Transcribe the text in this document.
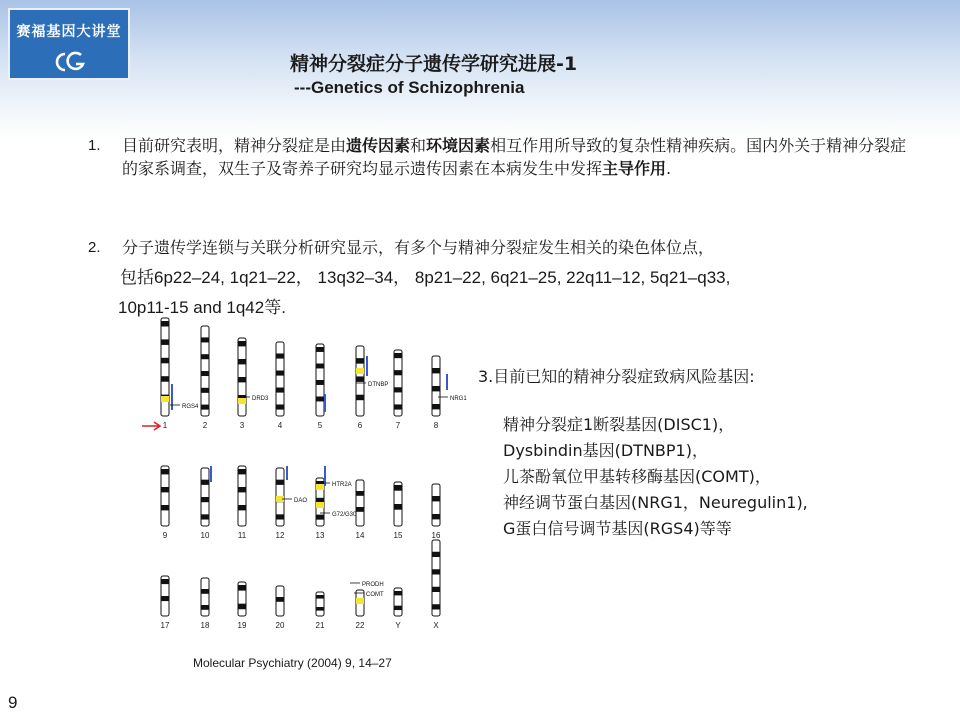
赛福基因大讲堂
精神分裂症分子遗传学研究进展-1
---Genetics of Schizophrenia
1. 目前研究表明，精神分裂症是由遗传因素和环境因素相互作用所导致的复杂性精神疾病。国内外关于精神分裂症的家系调查，双生子及寄养子研究均显示遗传因素在本病发生中发挥主导作用.
2. 分子遗传学连锁与关联分析研究显示，有多个与精神分裂症发生相关的染色体位点，
包括6p22–24, 1q21–22， 13q32–34， 8p21–22, 6q21–25, 22q11–12, 5q21–q33,
10p11-15 and 1q42等.
1	2	3	4	5	6	7	8
9	10	11	12	13	14	15	16
17	18	19	20	21	22	Y	X
DRD3
DTNBP
NRG1
RGS4
HTR2A
DAO
G72/G30
PRODH
COMT
3.目前已知的精神分裂症致病风险基因:
精神分裂症1断裂基因(DISC1)，
Dysbindin基因(DTNBP1)，
儿茶酚氧位甲基转移酶基因(COMT)，
神经调节蛋白基因(NRG1，Neuregulin1),
G蛋白信号调节基因(RGS4)等等
Molecular Psychiatry (2004) 9, 14–27
9
